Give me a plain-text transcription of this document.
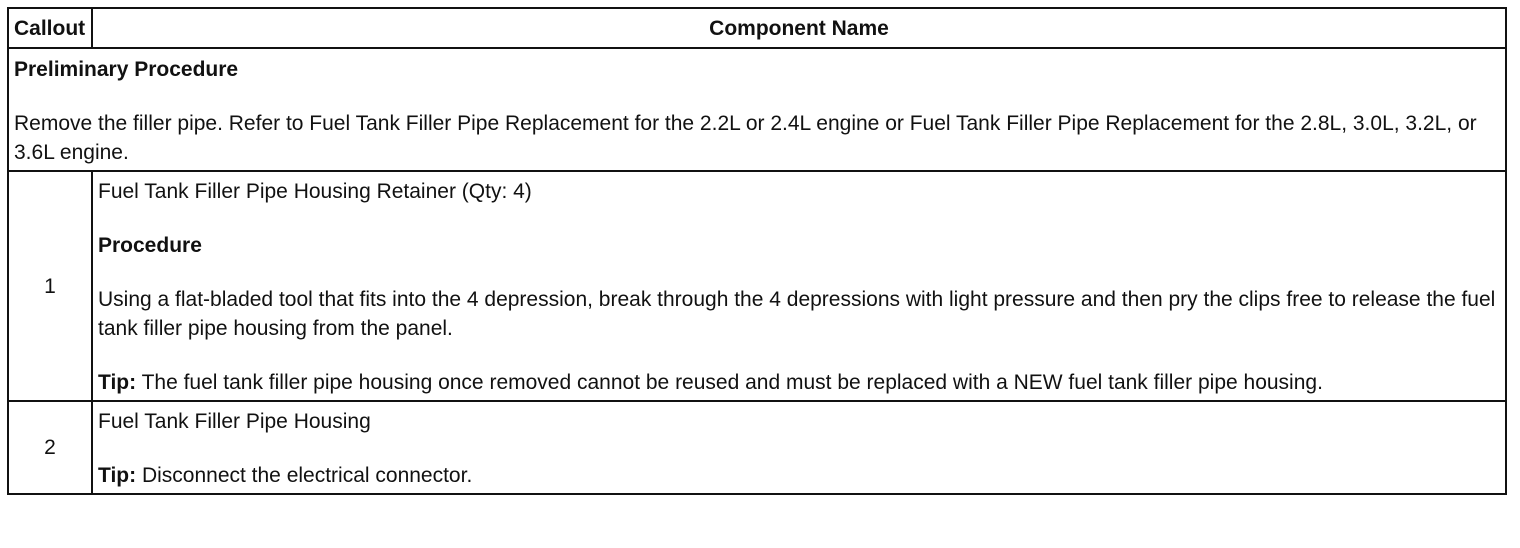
Callout	Component Name

Preliminary Procedure

Remove the filler pipe. Refer to Fuel Tank Filler Pipe Replacement for the 2.2L or 2.4L engine or Fuel Tank Filler Pipe Replacement for the 2.8L, 3.0L, 3.2L, or 3.6L engine.	

1	Fuel Tank Filler Pipe Housing Retainer (Qty: 4)

Procedure

Using a flat-bladed tool that fits into the 4 depression, break through the 4 depressions with light pressure and then pry the clips free to release the fuel tank filler pipe housing from the panel.

Tip: The fuel tank filler pipe housing once removed cannot be reused and must be replaced with a NEW fuel tank filler pipe housing.

2	Fuel Tank Filler Pipe Housing

Tip: Disconnect the electrical connector.
